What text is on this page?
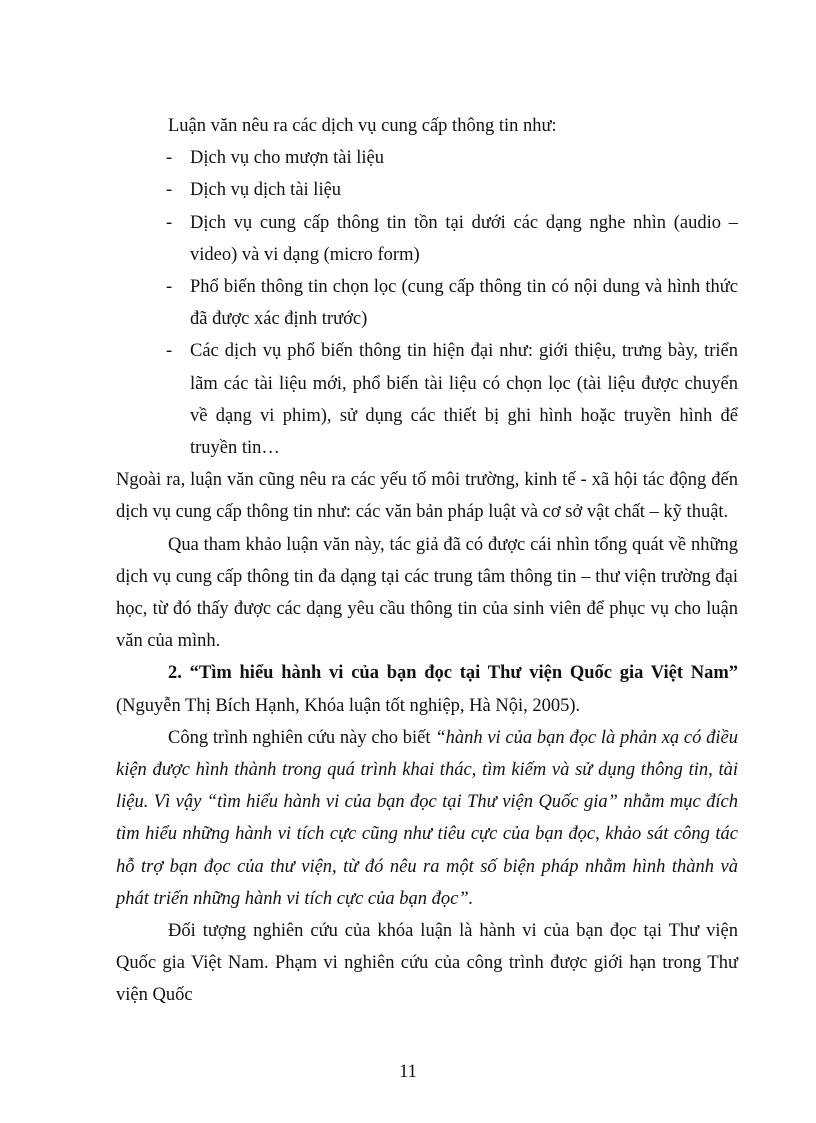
Luận văn nêu ra các dịch vụ cung cấp thông tin như:

- Dịch vụ cho mượn tài liệu
- Dịch vụ dịch tài liệu
- Dịch vụ cung cấp thông tin tồn tại dưới các dạng nghe nhìn (audio – video) và vi dạng (micro form)
- Phổ biến thông tin chọn lọc (cung cấp thông tin có nội dung và hình thức đã được xác định trước)
- Các dịch vụ phổ biến thông tin hiện đại như: giới thiệu, trưng bày, triển lãm các tài liệu mới, phổ biến tài liệu có chọn lọc (tài liệu được chuyển về dạng vi phim), sử dụng các thiết bị ghi hình hoặc truyền hình để truyền tin…

Ngoài ra, luận văn cũng nêu ra các yếu tố môi trường, kinh tế - xã hội tác động đến dịch vụ cung cấp thông tin như: các văn bản pháp luật và cơ sở vật chất – kỹ thuật.

Qua tham khảo luận văn này, tác giả đã có được cái nhìn tổng quát về những dịch vụ cung cấp thông tin đa dạng tại các trung tâm thông tin – thư viện trường đại học, từ đó thấy được các dạng yêu cầu thông tin của sinh viên để phục vụ cho luận văn của mình.

2. “Tìm hiểu hành vi của bạn đọc tại Thư viện Quốc gia Việt Nam” (Nguyễn Thị Bích Hạnh, Khóa luận tốt nghiệp, Hà Nội, 2005).

Công trình nghiên cứu này cho biết “hành vi của bạn đọc là phản xạ có điều kiện được hình thành trong quá trình khai thác, tìm kiếm và sử dụng thông tin, tài liệu. Vì vậy “tìm hiểu hành vi của bạn đọc tại Thư viện Quốc gia” nhằm mục đích tìm hiểu những hành vi tích cực cũng như tiêu cực của bạn đọc, khảo sát công tác hỗ trợ bạn đọc của thư viện, từ đó nêu ra một số biện pháp nhằm hình thành và phát triển những hành vi tích cực của bạn đọc”.

Đối tượng nghiên cứu của khóa luận là hành vi của bạn đọc tại Thư viện Quốc gia Việt Nam. Phạm vi nghiên cứu của công trình được giới hạn trong Thư viện Quốc

11
